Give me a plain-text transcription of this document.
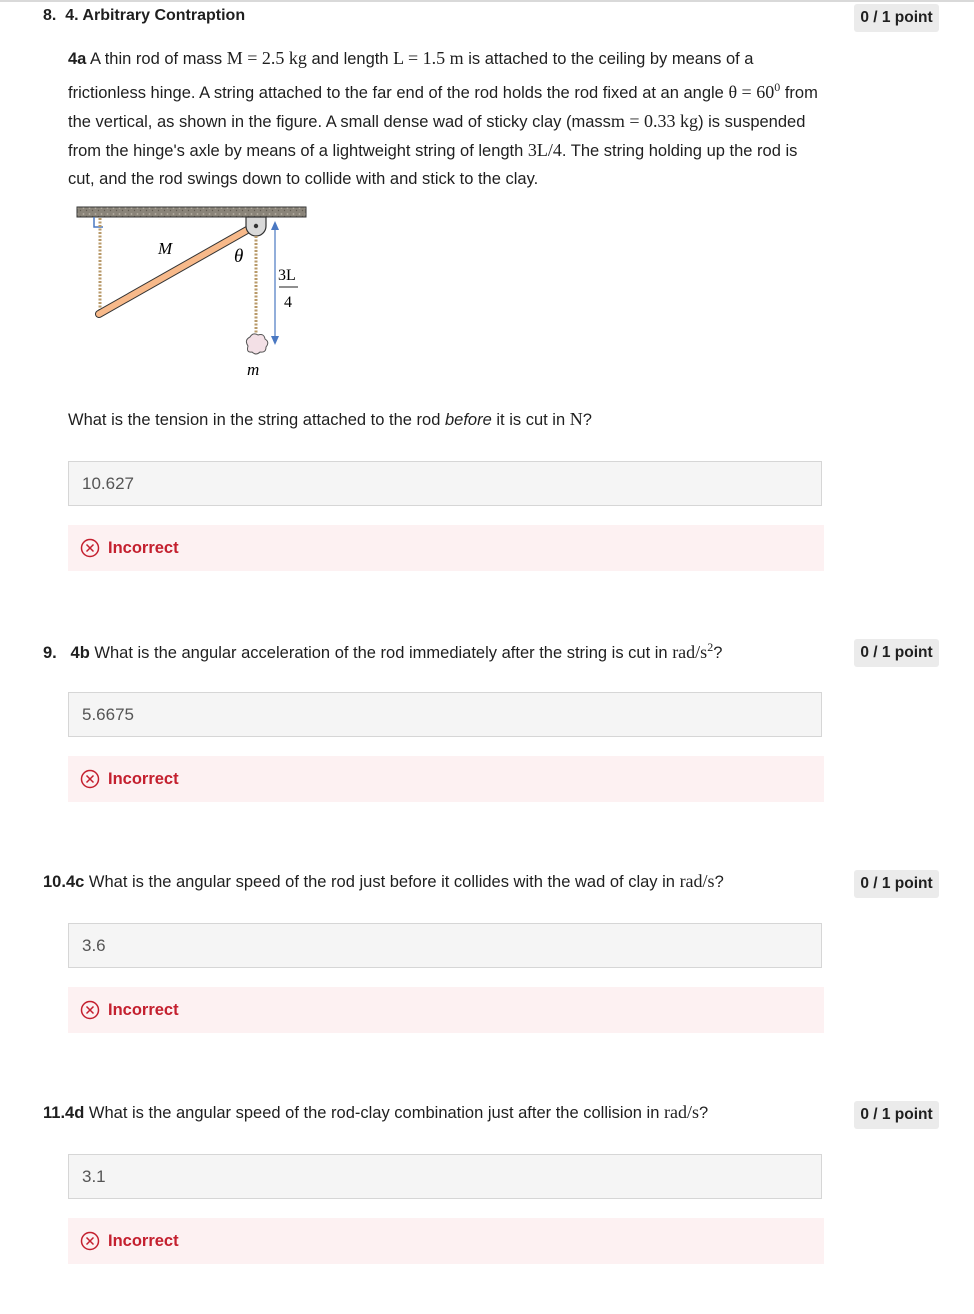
8. 4. Arbitrary Contraption	0 / 1 point
4a A thin rod of mass M = 2.5 kg and length L = 1.5 m is attached to the ceiling by means of a frictionless hinge. A string attached to the far end of the rod holds the rod fixed at an angle $\theta = 60^0$ from the vertical, as shown in the figure. A small dense wad of sticky clay (massm = 0.33 kg) is suspended from the hinge's axle by means of a lightweight string of length 3L/4. The string holding up the rod is cut, and the rod swings down to collide with and stick to the clay.
M	θ
3L
4
m
What is the tension in the string attached to the rod before it is cut in N?
10.627
Incorrect
9. 4b What is the angular acceleration of the rod immediately after the string is cut in rad/$s^2$?	0 / 1 point
5.6675
Incorrect
10.4c What is the angular speed of the rod just before it collides with the wad of clay in rad/s?	0 / 1 point
3.6
Incorrect
11.4d What is the angular speed of the rod-clay combination just after the collision in rad/s?	0 / 1 point
3.1
Incorrect
